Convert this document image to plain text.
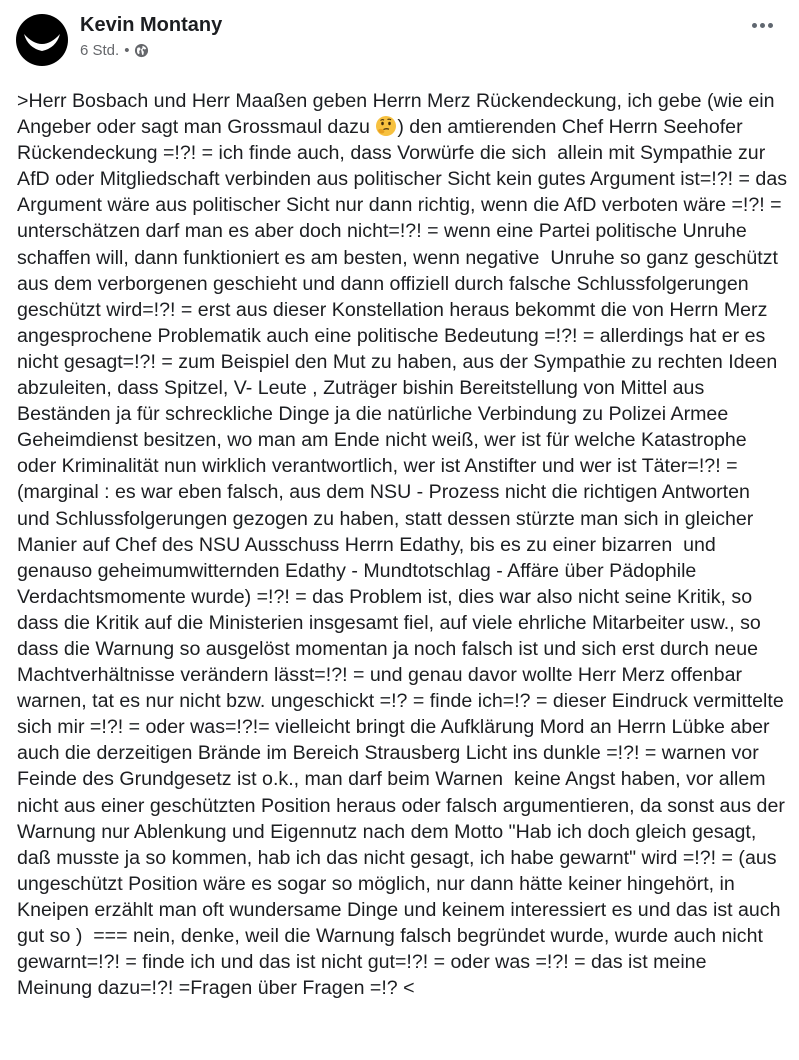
Kevin Montany
6 Std. •
>Herr Bosbach und Herr Maaßen geben Herrn Merz Rückendeckung, ich gebe (wie ein Angeber oder sagt man Grossmaul dazu ) den amtierenden Chef Herrn Seehofer Rückendeckung =!?! = ich finde auch, dass Vorwürfe die sich  allein mit Sympathie zur AfD oder Mitgliedschaft verbinden aus politischer Sicht kein gutes Argument ist=!?! = das Argument wäre aus politischer Sicht nur dann richtig, wenn die AfD verboten wäre =!?! = unterschätzen darf man es aber doch nicht=!?! = wenn eine Partei politische Unruhe schaffen will, dann funktioniert es am besten, wenn negative  Unruhe so ganz geschützt aus dem verborgenen geschieht und dann offiziell durch falsche Schlussfolgerungen geschützt wird=!?! = erst aus dieser Konstellation heraus bekommt die von Herrn Merz angesprochene Problematik auch eine politische Bedeutung =!?! = allerdings hat er es nicht gesagt=!?! = zum Beispiel den Mut zu haben, aus der Sympathie zu rechten Ideen abzuleiten, dass Spitzel, V- Leute , Zuträger bishin Bereitstellung von Mittel aus Beständen ja für schreckliche Dinge ja die natürliche Verbindung zu Polizei Armee Geheimdienst besitzen, wo man am Ende nicht weiß, wer ist für welche Katastrophe oder Kriminalität nun wirklich verantwortlich, wer ist Anstifter und wer ist Täter=!?! =(marginal : es war eben falsch, aus dem NSU - Prozess nicht die richtigen Antworten und Schlussfolgerungen gezogen zu haben, statt dessen stürzte man sich in gleicher Manier auf Chef des NSU Ausschuss Herrn Edathy, bis es zu einer bizarren  und genauso geheimumwitternden Edathy - Mundtotschlag - Affäre über Pädophile Verdachtsmomente wurde) =!?! = das Problem ist, dies war also nicht seine Kritik, so dass die Kritik auf die Ministerien insgesamt fiel, auf viele ehrliche Mitarbeiter usw., so dass die Warnung so ausgelöst momentan ja noch falsch ist und sich erst durch neue Machtverhältnisse verändern lässt=!?! = und genau davor wollte Herr Merz offenbar warnen, tat es nur nicht bzw. ungeschickt =!? = finde ich=!? = dieser Eindruck vermittelte sich mir =!?! = oder was=!?!= vielleicht bringt die Aufklärung Mord an Herrn Lübke aber auch die derzeitigen Brände im Bereich Strausberg Licht ins dunkle =!?! = warnen vor Feinde des Grundgesetz ist o.k., man darf beim Warnen  keine Angst haben, vor allem nicht aus einer geschützten Position heraus oder falsch argumentieren, da sonst aus der Warnung nur Ablenkung und Eigennutz nach dem Motto "Hab ich doch gleich gesagt, daß musste ja so kommen, hab ich das nicht gesagt, ich habe gewarnt" wird =!?! = (aus ungeschützt Position wäre es sogar so möglich, nur dann hätte keiner hingehört, in Kneipen erzählt man oft wundersame Dinge und keinem interessiert es und das ist auch gut so )  === nein, denke, weil die Warnung falsch begründet wurde, wurde auch nicht gewarnt=!?! = finde ich und das ist nicht gut=!?! = oder was =!?! = das ist meine Meinung dazu=!?! =Fragen über Fragen =!? <
